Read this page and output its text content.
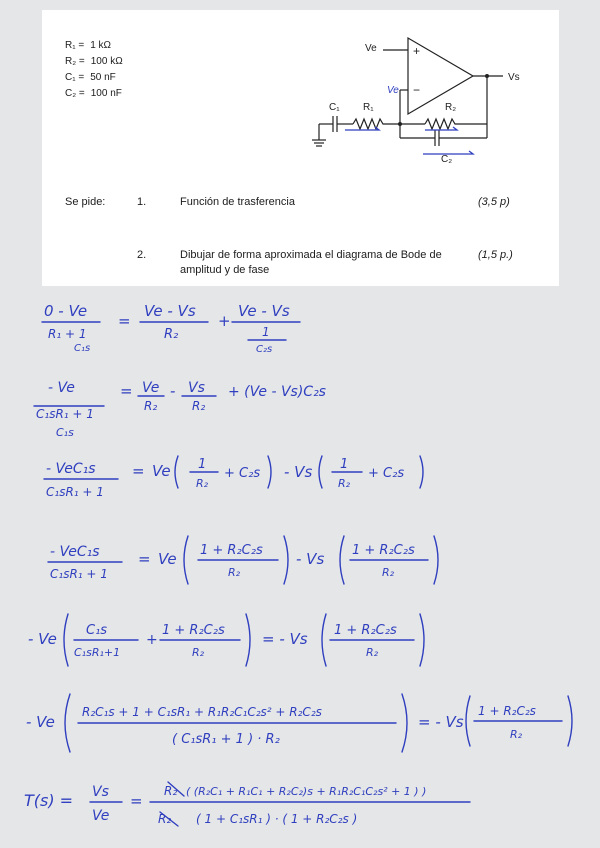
R₁ = 1 kΩ
R₂ = 100 kΩ
C₁ = 50 nF
C₂ = 100 nF
Ve	+
−
Vs
C₁ R₁	R₂
C₂
Ve
Se pide:	1.	Función de trasferencia	(3,5 p)
2.	Dibujar de forma aproximada el diagrama de Bode de
amplitud y de fase
(1,5 p.)
0 - Ve
R₁ + 1
C₁s
=
Ve - Vs
R₂
+
Ve - Vs
1
C₂s
- Ve
C₁sR₁ + 1
C₁s
= Ve
R₂
- Vs
R₂
+ (Ve - Vs)C₂s
- VeC₁s
C₁sR₁ + 1
= Ve 1
R₂
+ C₂s - Vs 1
R₂
+ C₂s
- VeC₁s
C₁sR₁ + 1
= Ve 1 + R₂C₂s
R₂
- Vs 1 + R₂C₂s
R₂
- Ve C₁s
C₁sR₁+1
+
1 + R₂C₂s
R₂
= - Vs 1 + R₂C₂s
R₂
- Ve
R₂C₁s + 1 + C₁sR₁ + R₁R₂C₁C₂s² + R₂C₂s
( C₁sR₁ + 1 ) · R₂
= - Vs
1 + R₂C₂s
R₂
T(s) = Vs
Ve
=
R₂ ( (R₂C₁ + R₁C₁ + R₂C₂)s + R₁R₂C₁C₂s² + 1 ) )
R₂ ( 1 + C₁sR₁ ) · ( 1 + R₂C₂s )
